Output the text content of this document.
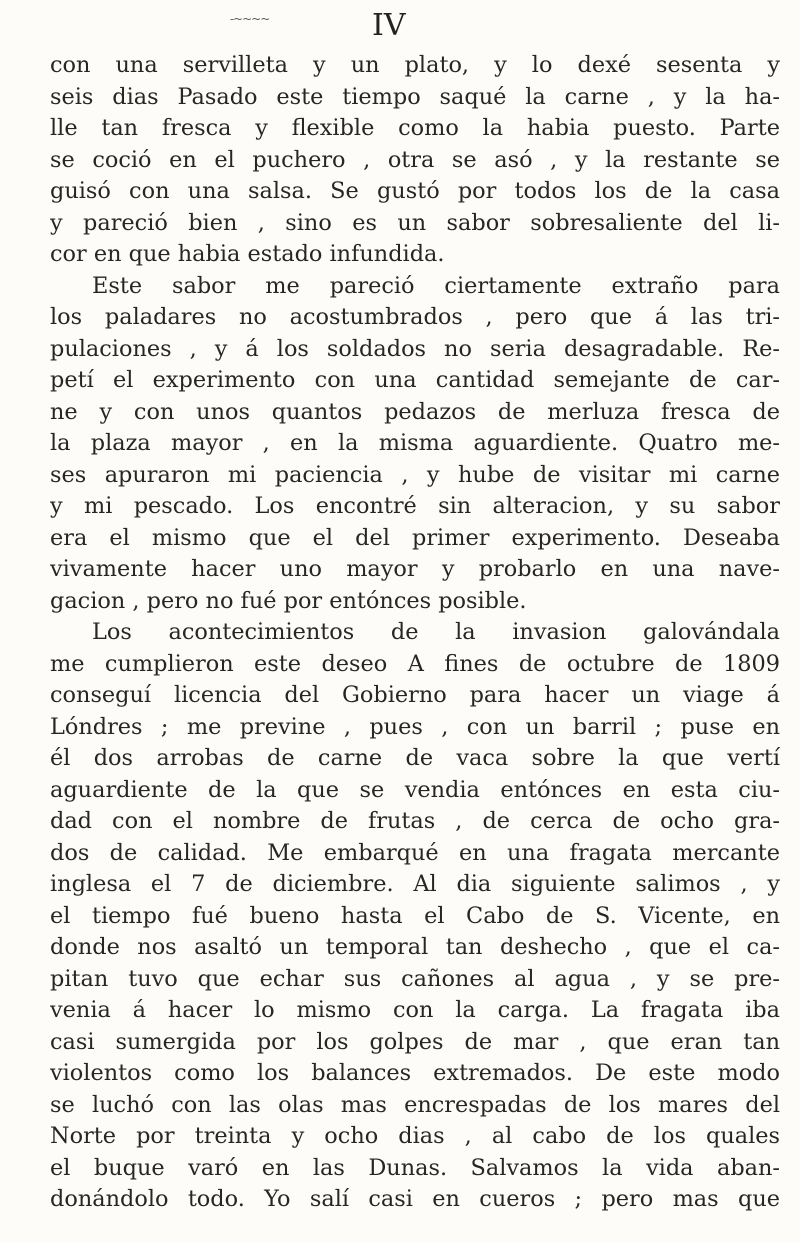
-~~~~	IV
con una servilleta y un plato, y lo dexé sesenta y
seis dias Pasado este tiempo saqué la carne , y la ha-
lle tan fresca y flexible como la habia puesto. Parte
se coció en el puchero , otra se asó , y la restante se
guisó con una salsa. Se gustó por todos los de la casa
y pareció bien , sino es un sabor sobresaliente del li-
cor en que habia estado infundida.
Este sabor me pareció ciertamente extraño para
los paladares no acostumbrados , pero que á las tri-
pulaciones , y á los soldados no seria desagradable. Re-
petí el experimento con una cantidad semejante de car-
ne y con unos quantos pedazos de merluza fresca de
la plaza mayor , en la misma aguardiente. Quatro me-
ses apuraron mi paciencia , y hube de visitar mi carne
y mi pescado. Los encontré sin alteracion, y su sabor
era el mismo que el del primer experimento. Deseaba
vivamente hacer uno mayor y probarlo en una nave-
gacion , pero no fué por entónces posible.
Los acontecimientos de la invasion galovándala
me cumplieron este deseo A fines de octubre de 1809
conseguí licencia del Gobierno para hacer un viage á
Lóndres ; me previne , pues , con un barril ; puse en
él dos arrobas de carne de vaca sobre la que vertí
aguardiente de la que se vendia entónces en esta ciu-
dad con el nombre de frutas , de cerca de ocho gra-
dos de calidad. Me embarqué en una fragata mercante
inglesa el 7 de diciembre. Al dia siguiente salimos , y
el tiempo fué bueno hasta el Cabo de S. Vicente, en
donde nos asaltó un temporal tan deshecho , que el ca-
pitan tuvo que echar sus cañones al agua , y se pre-
venia á hacer lo mismo con la carga. La fragata iba
casi sumergida por los golpes de mar , que eran tan
violentos como los balances extremados. De este modo
se luchó con las olas mas encrespadas de los mares del
Norte por treinta y ocho dias , al cabo de los quales
el buque varó en las Dunas. Salvamos la vida aban-
donándolo todo. Yo salí casi en cueros ; pero mas que
